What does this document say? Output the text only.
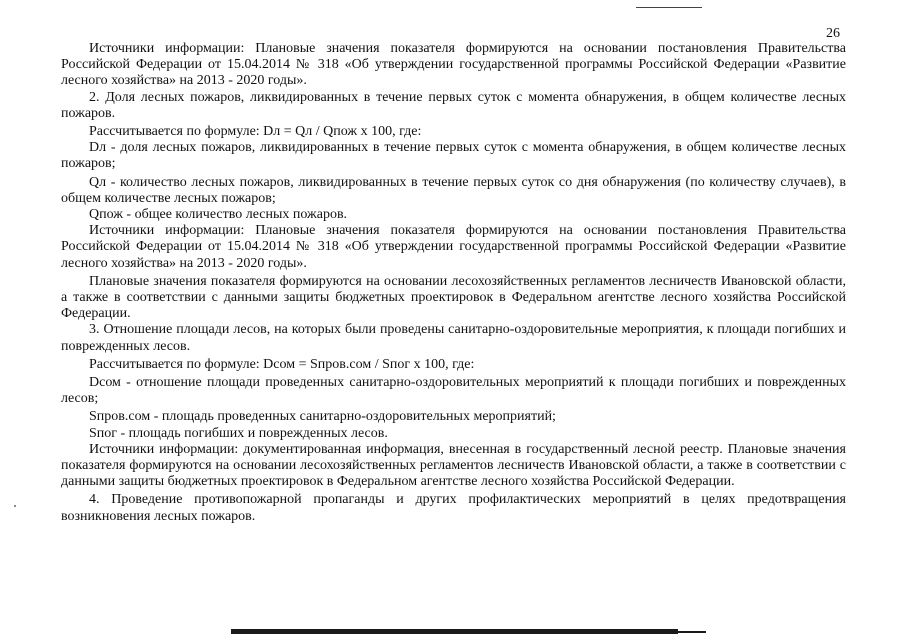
26

Источники информации: Плановые значения показателя формируются на основании постановления Правительства Российской Федерации от 15.04.2014 № 318 «Об утверждении государственной программы Российской Федерации «Развитие лесного хозяйства» на 2013 - 2020 годы».

2. Доля лесных пожаров, ликвидированных в течение первых суток с момента обнаружения, в общем количестве лесных пожаров.

Рассчитывается по формуле: Dл = Qл / Qпож x 100, где:

Dл - доля лесных пожаров, ликвидированных в течение первых суток с момента обнаружения, в общем количестве лесных пожаров;

Qл - количество лесных пожаров, ликвидированных в течение первых суток со дня обнаружения (по количеству случаев), в общем количестве лесных пожаров;

Qпож - общее количество лесных пожаров.

Источники информации: Плановые значения показателя формируются на основании постановления Правительства Российской Федерации от 15.04.2014 № 318 «Об утверждении государственной программы Российской Федерации «Развитие лесного хозяйства» на 2013 - 2020 годы».

Плановые значения показателя формируются на основании лесохозяйственных регламентов лесничеств Ивановской области, а также в соответствии с данными защиты бюджетных проектировок в Федеральном агентстве лесного хозяйства Российской Федерации.

3. Отношение площади лесов, на которых были проведены санитарно-оздоровительные мероприятия, к площади погибших и поврежденных лесов.

Рассчитывается по формуле: Dсом = Sпров.сом / Sпог x 100, где:

Dсом - отношение площади проведенных санитарно-оздоровительных мероприятий к площади погибших и поврежденных лесов;

Sпров.сом - площадь проведенных санитарно-оздоровительных мероприятий;

Sпог - площадь погибших и поврежденных лесов.

Источники информации: документированная информация, внесенная в государственный лесной реестр. Плановые значения показателя формируются на основании лесохозяйственных регламентов лесничеств Ивановской области, а также в соответствии с данными защиты бюджетных проектировок в Федеральном агентстве лесного хозяйства Российской Федерации.

4. Проведение противопожарной пропаганды и других профилактических мероприятий в целях предотвращения возникновения лесных пожаров.
